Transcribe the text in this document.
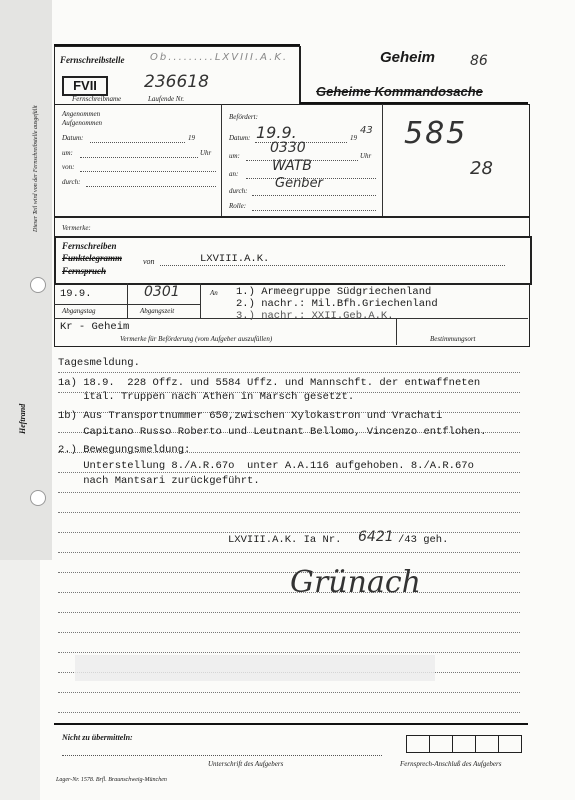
Heftrand
Dieser Teil wird von der Fernschreibstelle ausgefüllt
Fernschreibstelle	Ob.........LXVIII.A.K.
FVII	236618
Fernschreibname	Laufende Nr.
Geheim 86
Geheime Kommandosache
Angenommen
Aufgenommen
Datum:	19
um:	Uhr
von:
durch:
Befördert:
Datum: 19.9.	19
43
um: 0330	Uhr
an: WATB
durch: Genber
Rolle:
585
28
Vermerke:
Fernschreiben
Funktelegramm
Fernspruch
von	LXVIII.A.K.
19.9.
Abgangstag
0301
Abgangszeit
An 1.) Armeegruppe Südgriechenland
2.) nachr.: Mil.Bfh.Griechenland
3.) nachr.: XXII.Geb.A.K.
Kr - Geheim
Vermerke für Beförderung (vom Aufgeber auszufüllen)	Bestimmungsort
Tagesmeldung.
1a) 18.9.  228 Offz. und 5584 Uffz. und Mannschft. der entwaffneten
ital. Truppen nach Athen in Marsch gesetzt.
1b) Aus Transportnummer 650,zwischen Xylokastron und Vrachati
Capitano Russo Roberto und Leutnant Bellomo, Vincenzo entflohen.
2.) Bewegungsmeldung:
Unterstellung 8./A.R.67o  unter A.A.116 aufgehoben. 8./A.R.67o
nach Mantsari zurückgeführt.
LXVIII.A.K. Ia Nr. 6421 /43 geh.
Grünach
Nicht zu übermitteln:
Unterschrift des Aufgebers	Fernsprech-Anschluß des Aufgebers
Lager-Nr. 1578. Brfl. Braunschweig-München
